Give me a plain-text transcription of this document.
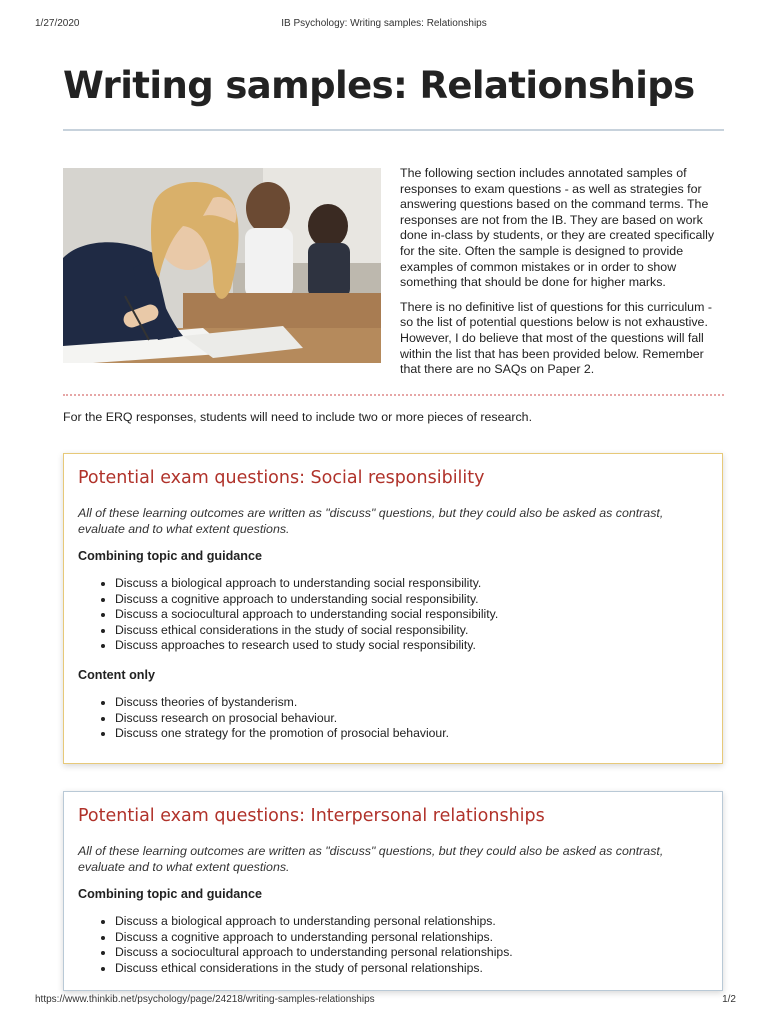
1/27/2020	IB Psychology: Writing samples: Relationships
Writing samples: Relationships

The following section includes annotated samples of responses to exam questions - as well as strategies for answering questions based on the command terms. The responses are not from the IB. They are based on work done in-class by students, or they are created specifically for the site. Often the sample is designed to provide examples of common mistakes or in order to show something that should be done for higher marks.

There is no definitive list of questions for this curriculum - so the list of potential questions below is not exhaustive. However, I do believe that most of the questions will fall within the list that has been provided below. Remember that there are no SAQs on Paper 2.

For the ERQ responses, students will need to include two or more pieces of research.

Potential exam questions: Social responsibility

All of these learning outcomes are written as "discuss" questions, but they could also be asked as contrast, evaluate and to what extent questions.

Combining topic and guidance
• Discuss a biological approach to understanding social responsibility.
• Discuss a cognitive approach to understanding social responsibility.
• Discuss a sociocultural approach to understanding social responsibility.
• Discuss ethical considerations in the study of social responsibility.
• Discuss approaches to research used to study social responsibility.
Content only
• Discuss theories of bystanderism.
• Discuss research on prosocial behaviour.
• Discuss one strategy for the promotion of prosocial behaviour.
Potential exam questions: Interpersonal relationships

All of these learning outcomes are written as "discuss" questions, but they could also be asked as contrast, evaluate and to what extent questions.

Combining topic and guidance
• Discuss a biological approach to understanding personal relationships.
• Discuss a cognitive approach to understanding personal relationships.
• Discuss a sociocultural approach to understanding personal relationships.
• Discuss ethical considerations in the study of personal relationships.
https://www.thinkib.net/psychology/page/24218/writing-samples-relationships	1/2
